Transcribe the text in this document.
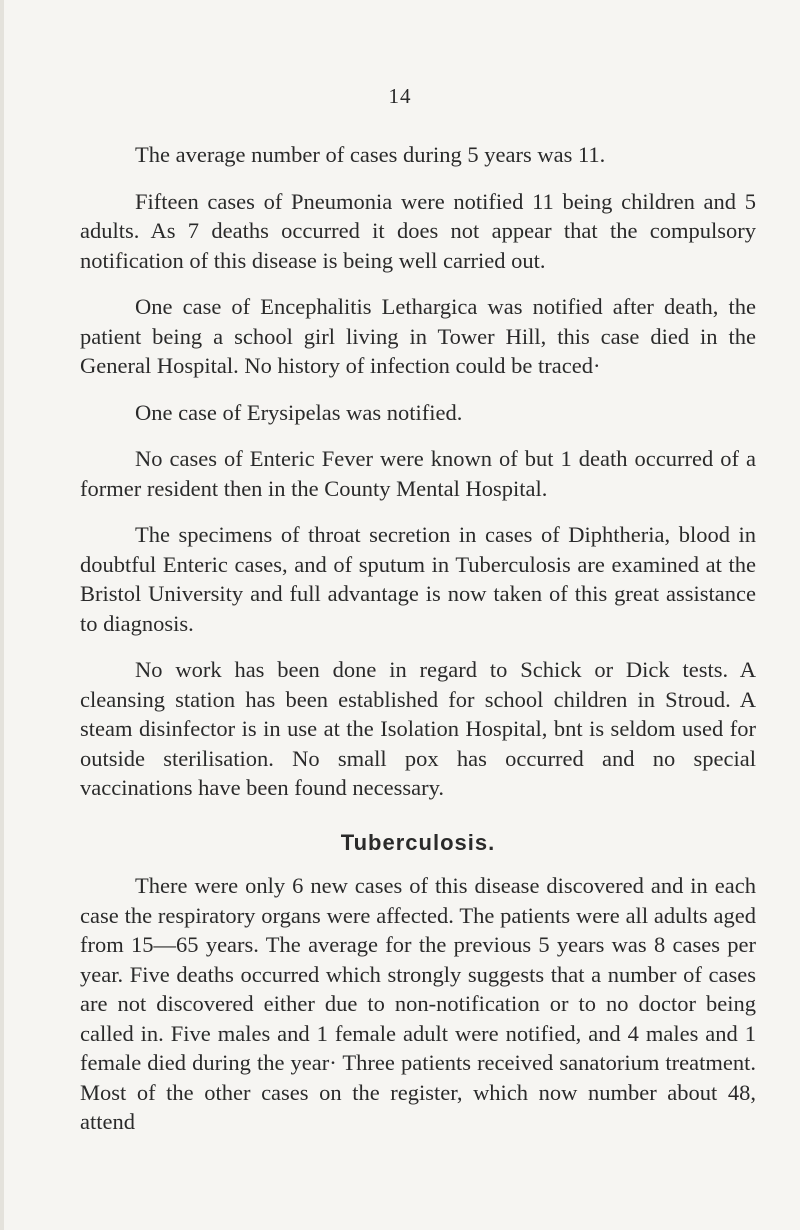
14

The average number of cases during 5 years was 11.

Fifteen cases of Pneumonia were notified 11 being children and 5 adults. As 7 deaths occurred it does not appear that the compulsory notification of this disease is being well carried out.

One case of Encephalitis Lethargica was notified after death, the patient being a school girl living in Tower Hill, this case died in the General Hospital. No history of infection could be traced·

One case of Erysipelas was notified.

No cases of Enteric Fever were known of but 1 death occurred of a former resident then in the County Mental Hospital.

The specimens of throat secretion in cases of Diphtheria, blood in doubtful Enteric cases, and of sputum in Tuberculosis are examined at the Bristol University and full advantage is now taken of this great assistance to diagnosis.

No work has been done in regard to Schick or Dick tests. A cleansing station has been established for school children in Stroud. A steam disinfector is in use at the Isolation Hospital, bnt is seldom used for outside sterilisation. No small pox has occurred and no special vaccinations have been found necessary.

Tuberculosis.

There were only 6 new cases of this disease discovered and in each case the respiratory organs were affected. The patients were all adults aged from 15—65 years. The average for the previous 5 years was 8 cases per year. Five deaths occurred which strongly suggests that a number of cases are not discovered either due to non-notification or to no doctor being called in. Five males and 1 female adult were notified, and 4 males and 1 female died during the year· Three patients received sanatorium treatment. Most of the other cases on the register, which now number about 48, attend
